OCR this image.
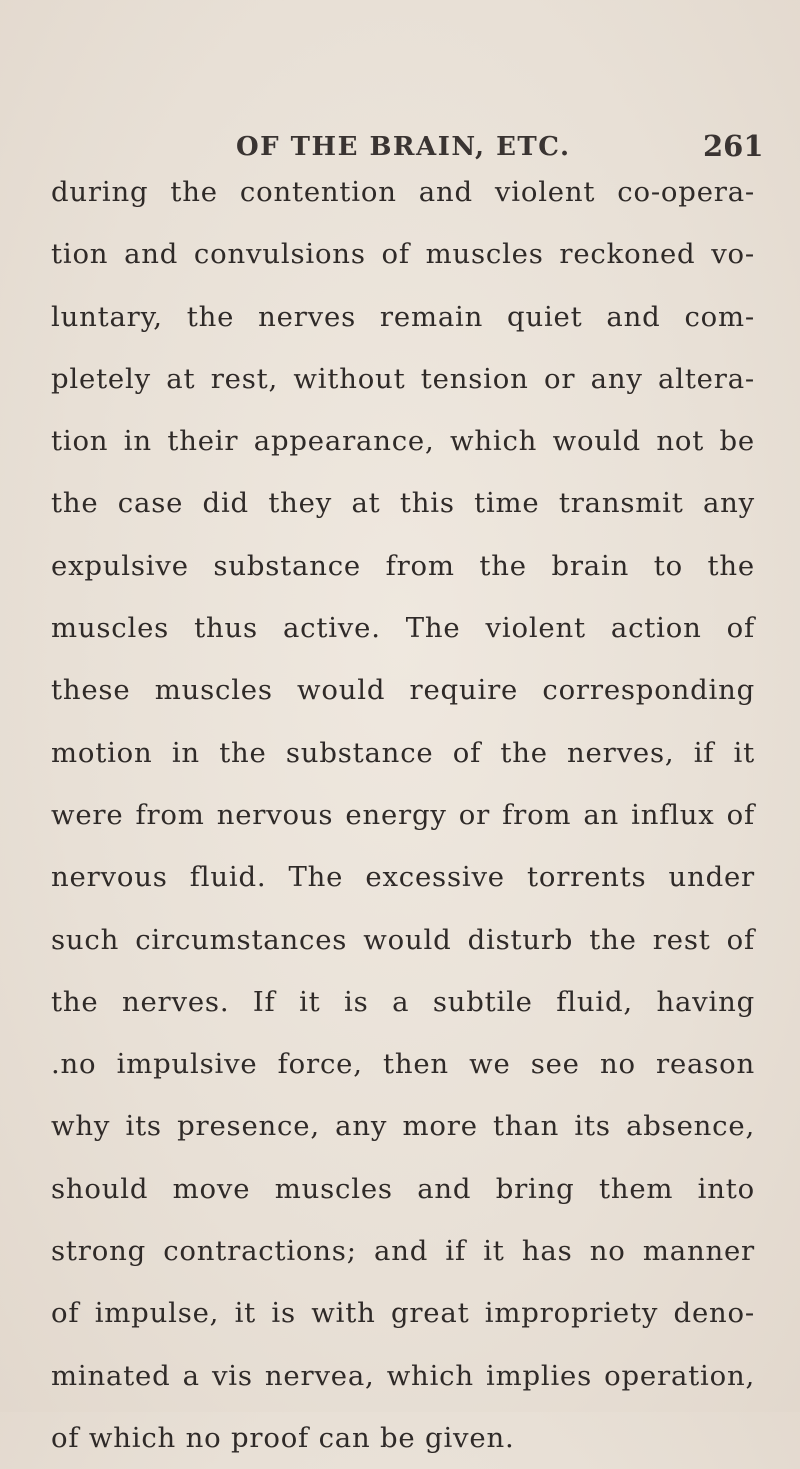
OF THE BRAIN, ETC.	261
during the contention and violent co-opera-
tion and convulsions of muscles reckoned vo-
luntary, the nerves remain quiet and com-
pletely at rest, without tension or any altera-
tion in their appearance, which would not be
the case did they at this time transmit any
expulsive substance from the brain to the
muscles thus active. The violent action of
these muscles would require corresponding
motion in the substance of the nerves, if it
were from nervous energy or from an influx of
nervous fluid. The excessive torrents under
such circumstances would disturb the rest of
the nerves. If it is a subtile fluid, having
.no impulsive force, then we see no reason
why its presence, any more than its absence,
should move muscles and bring them into
strong contractions; and if it has no manner
of impulse, it is with great impropriety deno-
minated a vis nervea, which implies operation,
of which no proof can be given.
